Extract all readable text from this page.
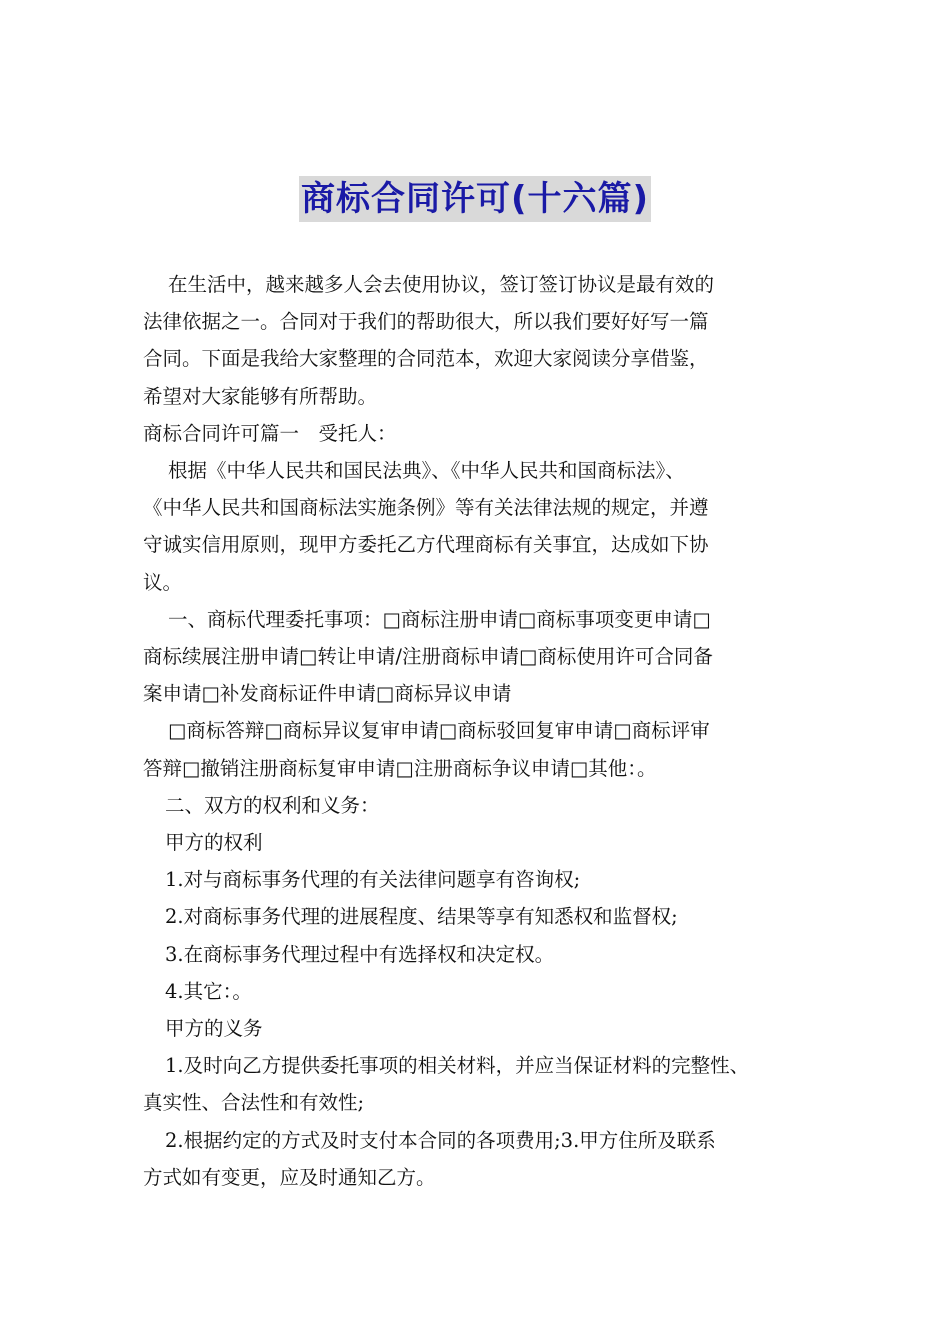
商标合同许可(十六篇)

在生活中，越来越多人会去使用协议，签订签订协议是最有效的

法律依据之一。合同对于我们的帮助很大，所以我们要好好写一篇

合同。下面是我给大家整理的合同范本，欢迎大家阅读分享借鉴，

希望对大家能够有所帮助。

商标合同许可篇一　受托人：

根据《中华人民共和国民法典》、《中华人民共和国商标法》、

《中华人民共和国商标法实施条例》等有关法律法规的规定，并遵

守诚实信用原则，现甲方委托乙方代理商标有关事宜，达成如下协

议。

一、商标代理委托事项：□商标注册申请□商标事项变更申请□

商标续展注册申请□转让申请/注册商标申请□商标使用许可合同备

案申请□补发商标证件申请□商标异议申请

□商标答辩□商标异议复审申请□商标驳回复审申请□商标评审

答辩□撤销注册商标复审申请□注册商标争议申请□其他：。

二、双方的权利和义务：

甲方的权利

1.对与商标事务代理的有关法律问题享有咨询权;

2.对商标事务代理的进展程度、结果等享有知悉权和监督权;

3.在商标事务代理过程中有选择权和决定权。

4.其它：。

甲方的义务

1.及时向乙方提供委托事项的相关材料，并应当保证材料的完整性、

真实性、合法性和有效性;

2.根据约定的方式及时支付本合同的各项费用;3.甲方住所及联系

方式如有变更，应及时通知乙方。
